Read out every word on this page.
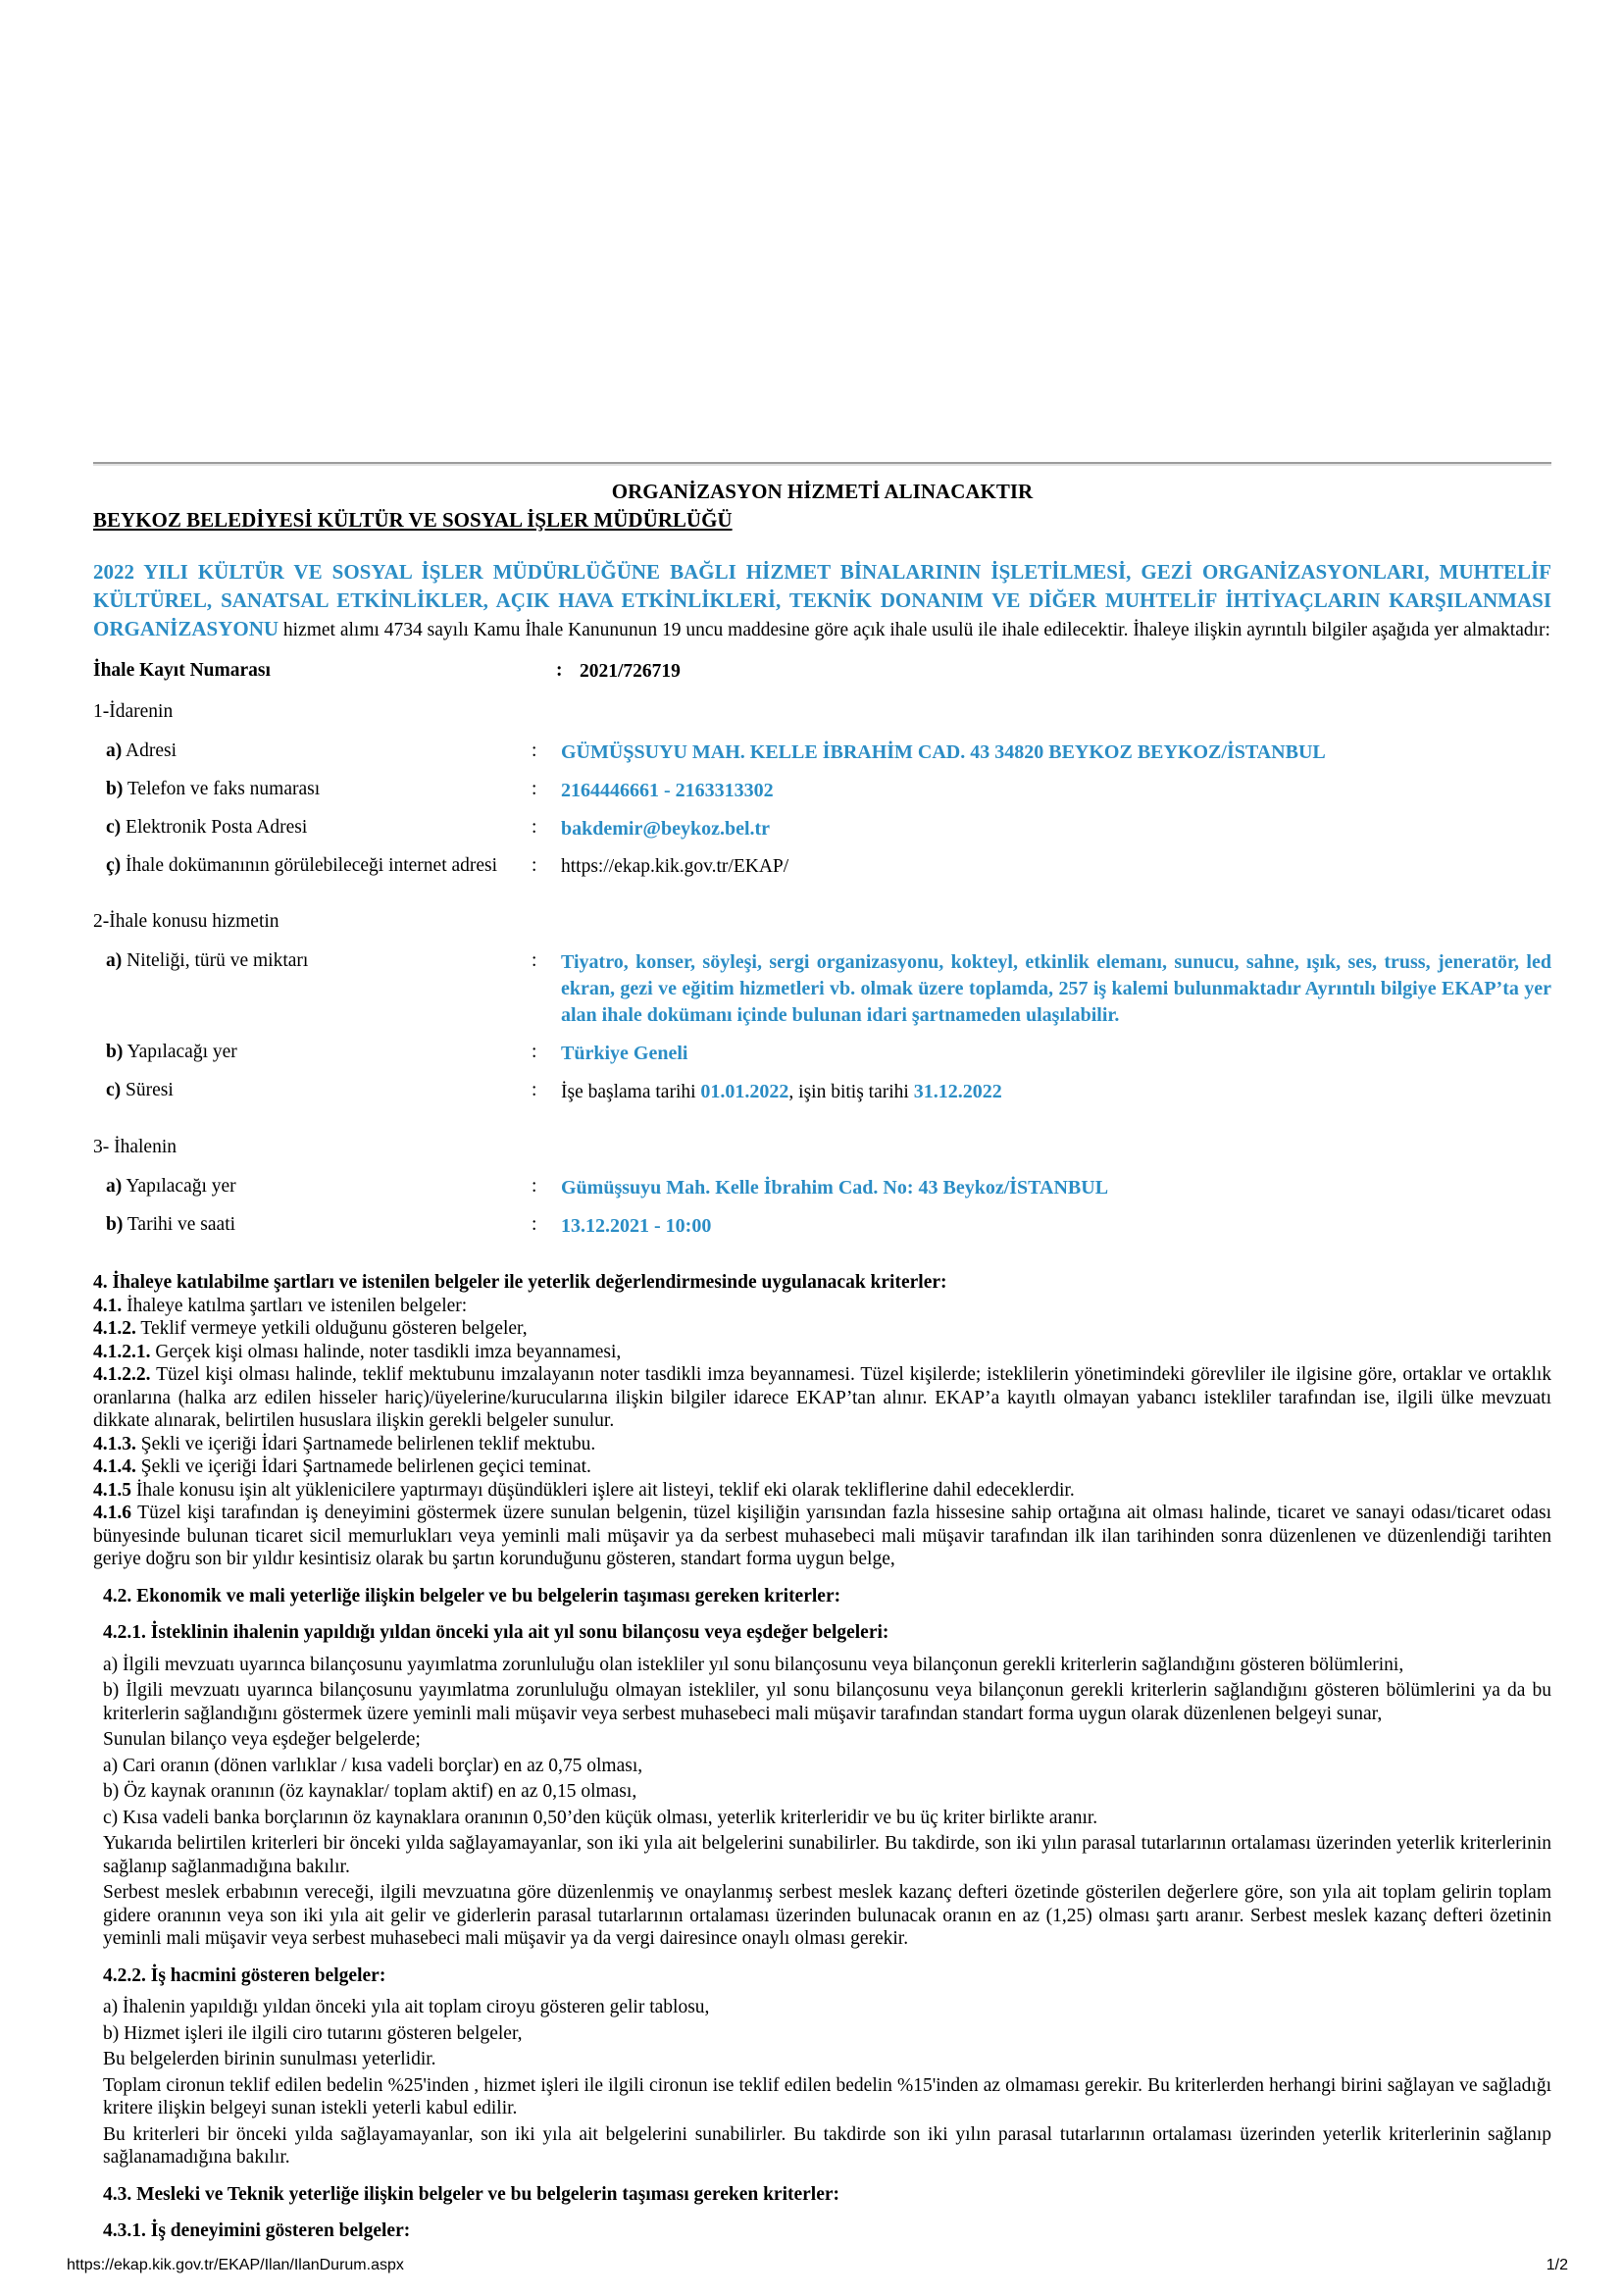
ORGANİZASYON HİZMETİ ALINACAKTIR
BEYKOZ BELEDİYESİ KÜLTÜR VE SOSYAL İŞLER MÜDÜRLÜĞÜ

2022 YILI KÜLTÜR VE SOSYAL İŞLER MÜDÜRLÜĞÜNE BAĞLI HİZMET BİNALARININ İŞLETİLMESİ, GEZİ ORGANİZASYONLARI, MUHTELİF KÜLTÜREL, SANATSAL ETKİNLİKLER, AÇIK HAVA ETKİNLİKLERİ, TEKNİK DONANIM VE DİĞER MUHTELİF İHTİYAÇLARIN KARŞILANMASI ORGANİZASYONU hizmet alımı 4734 sayılı Kamu İhale Kanununun 19 uncu maddesine göre açık ihale usulü ile ihale edilecektir. İhaleye ilişkin ayrıntılı bilgiler aşağıda yer almaktadır:

İhale Kayıt Numarası	: 2021/726719
1-İdarenin
a) Adresi	:	GÜMÜŞSUYU MAH. KELLE İBRAHİM CAD. 43 34820 BEYKOZ BEYKOZ/İSTANBUL
b) Telefon ve faks numarası	:	2164446661 - 2163313302
c) Elektronik Posta Adresi	:	bakdemir@beykoz.bel.tr
ç) İhale dokümanının görülebileceği internet adresi	:	https://ekap.kik.gov.tr/EKAP/
2-İhale konusu hizmetin
a) Niteliği, türü ve miktarı	:	Tiyatro, konser, söyleşi, sergi organizasyonu, kokteyl, etkinlik elemanı, sunucu, sahne, ışık, ses, truss, jeneratör, led ekran, gezi ve eğitim hizmetleri vb. olmak üzere toplamda, 257 iş kalemi bulunmaktadır Ayrıntılı bilgiye EKAP’ta yer alan ihale dokümanı içinde bulunan idari şartnameden ulaşılabilir.
b) Yapılacağı yer	:	Türkiye Geneli
c) Süresi	:	İşe başlama tarihi 01.01.2022, işin bitiş tarihi 31.12.2022
3- İhalenin
a) Yapılacağı yer	:	Gümüşsuyu Mah. Kelle İbrahim Cad. No: 43 Beykoz/İSTANBUL
b) Tarihi ve saati	:	13.12.2021 - 10:00

4. İhaleye katılabilme şartları ve istenilen belgeler ile yeterlik değerlendirmesinde uygulanacak kriterler:

4.1. İhaleye katılma şartları ve istenilen belgeler:

4.1.2. Teklif vermeye yetkili olduğunu gösteren belgeler,

4.1.2.1. Gerçek kişi olması halinde, noter tasdikli imza beyannamesi,

4.1.2.2. Tüzel kişi olması halinde, teklif mektubunu imzalayanın noter tasdikli imza beyannamesi. Tüzel kişilerde; isteklilerin yönetimindeki görevliler ile ilgisine göre, ortaklar ve ortaklık oranlarına (halka arz edilen hisseler hariç)/üyelerine/kurucularına ilişkin bilgiler idarece EKAP’tan alınır. EKAP’a kayıtlı olmayan yabancı istekliler tarafından ise, ilgili ülke mevzuatı dikkate alınarak, belirtilen hususlara ilişkin gerekli belgeler sunulur.

4.1.3. Şekli ve içeriği İdari Şartnamede belirlenen teklif mektubu.

4.1.4. Şekli ve içeriği İdari Şartnamede belirlenen geçici teminat.

4.1.5 İhale konusu işin alt yüklenicilere yaptırmayı düşündükleri işlere ait listeyi, teklif eki olarak tekliflerine dahil edeceklerdir.

4.1.6 Tüzel kişi tarafından iş deneyimini göstermek üzere sunulan belgenin, tüzel kişiliğin yarısından fazla hissesine sahip ortağına ait olması halinde, ticaret ve sanayi odası/ticaret odası bünyesinde bulunan ticaret sicil memurlukları veya yeminli mali müşavir ya da serbest muhasebeci mali müşavir tarafından ilk ilan tarihinden sonra düzenlenen ve düzenlendiği tarihten geriye doğru son bir yıldır kesintisiz olarak bu şartın korunduğunu gösteren, standart forma uygun belge,

4.2. Ekonomik ve mali yeterliğe ilişkin belgeler ve bu belgelerin taşıması gereken kriterler:

4.2.1. İsteklinin ihalenin yapıldığı yıldan önceki yıla ait yıl sonu bilançosu veya eşdeğer belgeleri:

a) İlgili mevzuatı uyarınca bilançosunu yayımlatma zorunluluğu olan istekliler yıl sonu bilançosunu veya bilançonun gerekli kriterlerin sağlandığını gösteren bölümlerini,

b) İlgili mevzuatı uyarınca bilançosunu yayımlatma zorunluluğu olmayan istekliler, yıl sonu bilançosunu veya bilançonun gerekli kriterlerin sağlandığını gösteren bölümlerini ya da bu kriterlerin sağlandığını göstermek üzere yeminli mali müşavir veya serbest muhasebeci mali müşavir tarafından standart forma uygun olarak düzenlenen belgeyi sunar,

Sunulan bilanço veya eşdeğer belgelerde;

a) Cari oranın (dönen varlıklar / kısa vadeli borçlar) en az 0,75 olması,

b) Öz kaynak oranının (öz kaynaklar/ toplam aktif) en az 0,15 olması,

c) Kısa vadeli banka borçlarının öz kaynaklara oranının 0,50’den küçük olması, yeterlik kriterleridir ve bu üç kriter birlikte aranır.

Yukarıda belirtilen kriterleri bir önceki yılda sağlayamayanlar, son iki yıla ait belgelerini sunabilirler. Bu takdirde, son iki yılın parasal tutarlarının ortalaması üzerinden yeterlik kriterlerinin sağlanıp sağlanmadığına bakılır.

Serbest meslek erbabının vereceği, ilgili mevzuatına göre düzenlenmiş ve onaylanmış serbest meslek kazanç defteri özetinde gösterilen değerlere göre, son yıla ait toplam gelirin toplam gidere oranının veya son iki yıla ait gelir ve giderlerin parasal tutarlarının ortalaması üzerinden bulunacak oranın en az (1,25) olması şartı aranır. Serbest meslek kazanç defteri özetinin yeminli mali müşavir veya serbest muhasebeci mali müşavir ya da vergi dairesince onaylı olması gerekir.

4.2.2. İş hacmini gösteren belgeler:

a) İhalenin yapıldığı yıldan önceki yıla ait toplam ciroyu gösteren gelir tablosu,

b) Hizmet işleri ile ilgili ciro tutarını gösteren belgeler,

Bu belgelerden birinin sunulması yeterlidir.

Toplam cironun teklif edilen bedelin %25'inden , hizmet işleri ile ilgili cironun ise teklif edilen bedelin %15'inden az olmaması gerekir. Bu kriterlerden herhangi birini sağlayan ve sağladığı kritere ilişkin belgeyi sunan istekli yeterli kabul edilir.

Bu kriterleri bir önceki yılda sağlayamayanlar, son iki yıla ait belgelerini sunabilirler. Bu takdirde son iki yılın parasal tutarlarının ortalaması üzerinden yeterlik kriterlerinin sağlanıp sağlanamadığına bakılır.

4.3. Mesleki ve Teknik yeterliğe ilişkin belgeler ve bu belgelerin taşıması gereken kriterler:

4.3.1. İş deneyimini gösteren belgeler:

https://ekap.kik.gov.tr/EKAP/Ilan/IlanDurum.aspx	1/2
